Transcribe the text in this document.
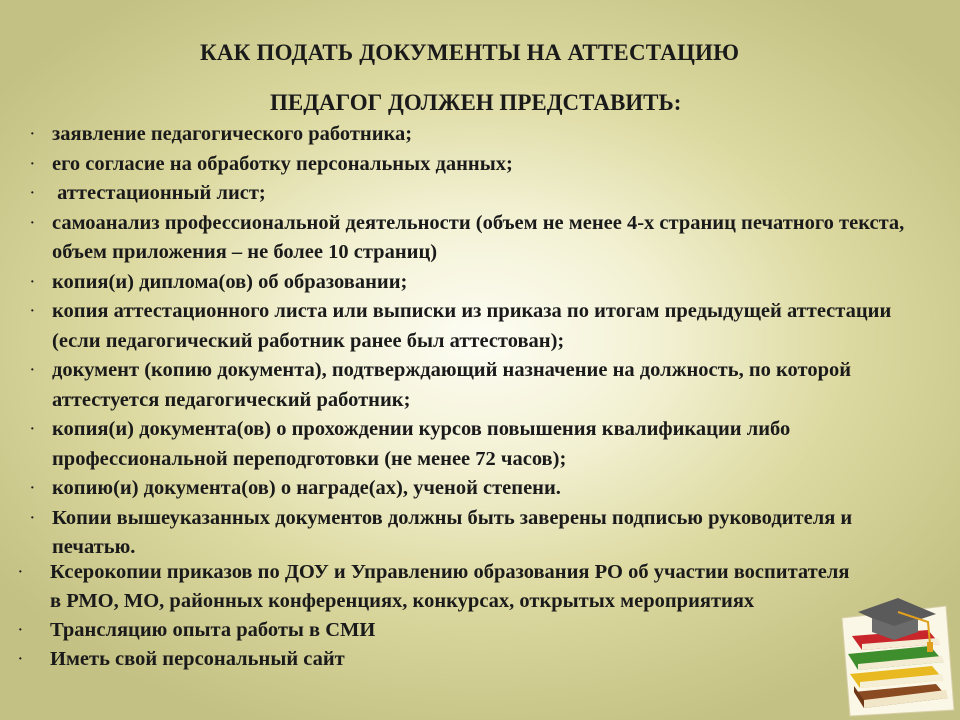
КАК ПОДАТЬ ДОКУМЕНТЫ НА АТТЕСТАЦИЮ
ПЕДАГОГ ДОЛЖЕН ПРЕДСТАВИТЬ:
· заявление педагогического работника;
· его согласие на обработку персональных данных;
· аттестационный лист;
· самоанализ профессиональной деятельности (объем не менее 4-х страниц печатного текста, объем приложения – не более 10 страниц)
· копия(и) диплома(ов) об образовании;
· копия аттестационного листа или выписки из приказа по итогам предыдущей аттестации (если педагогический работник ранее был аттестован);
· документ (копию документа), подтверждающий назначение на должность, по которой аттестуется педагогический работник;
· копия(и) документа(ов) о прохождении курсов повышения квалификации либо профессиональной переподготовки (не менее 72 часов);
· копию(и) документа(ов) о награде(ах), ученой степени.
· Копии вышеуказанных документов должны быть заверены подписью руководителя и печатью.
· Ксерокопии приказов по ДОУ и Управлению образования РО об участии воспитателя в РМО, МО, районных конференциях, конкурсах, открытых мероприятиях
· Трансляцию опыта работы в СМИ
· Иметь свой персональный сайт
